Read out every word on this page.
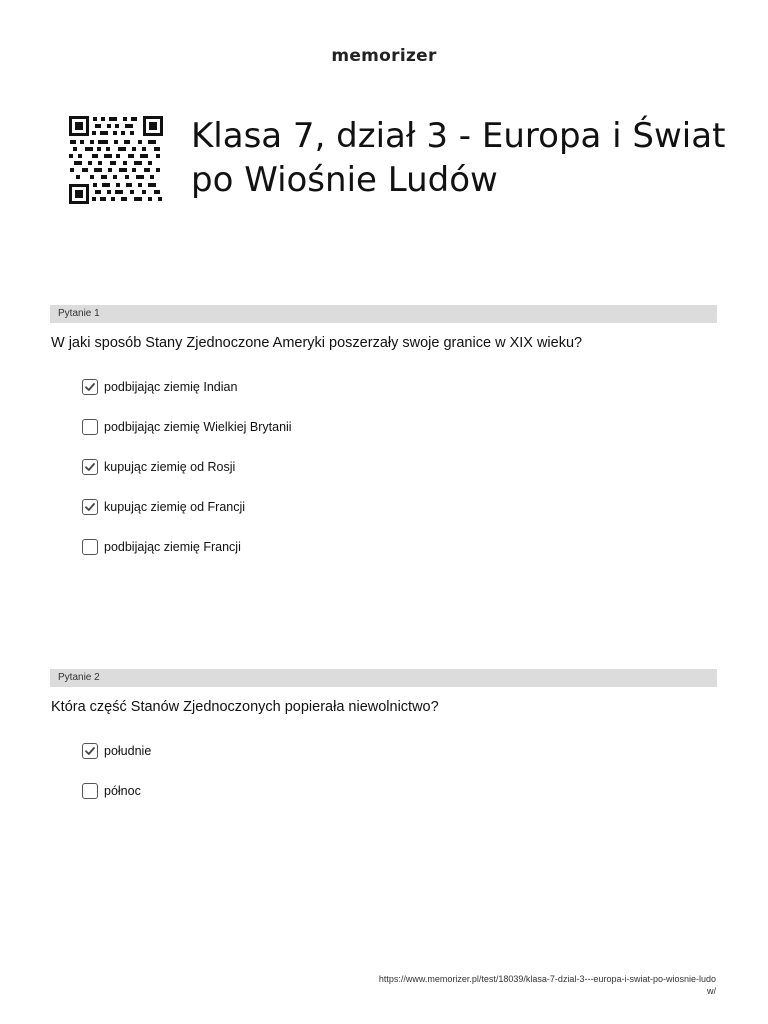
memorizer
Klasa 7, dział 3 - Europa i Świat po Wiośnie Ludów
Pytanie 1
W jaki sposób Stany Zjednoczone Ameryki poszerzały swoje granice w XIX wieku?
podbijając ziemię Indian
podbijając ziemię Wielkiej Brytanii
kupując ziemię od Rosji
kupując ziemię od Francji
podbijając ziemię Francji
Pytanie 2
Która część Stanów Zjednoczonych popierała niewolnictwo?
południe
północ
https://www.memorizer.pl/test/18039/klasa-7-dzial-3---europa-i-swiat-po-wiosnie-ludow/
